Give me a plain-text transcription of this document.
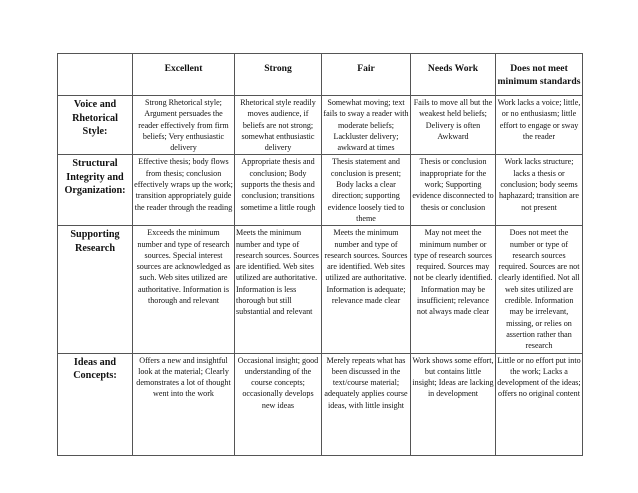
	Excellent	Strong	Fair	Needs Work	Does not meet minimum standards
Voice and Rhetorical Style:	Strong Rhetorical style; Argument persuades the reader effectively from firm beliefs; Very enthusiastic delivery	Rhetorical style readily moves audience, if beliefs are not strong; somewhat enthusiastic delivery	Somewhat moving; text fails to sway a reader with moderate beliefs; Lackluster delivery; awkward at times	Fails to move all but the weakest held beliefs; Delivery is often Awkward	Work lacks a voice; little, or no enthusiasm; little effort to engage or sway the reader
Structural Integrity and Organization:	Effective thesis; body flows from thesis; conclusion effectively wraps up the work; transition appropriately guide the reader through the reading	Appropriate thesis and conclusion; Body supports the thesis and conclusion; transitions sometime a little rough	Thesis statement and conclusion is present; Body lacks a clear direction; supporting evidence loosely tied to theme	Thesis or conclusion inappropriate for the work; Supporting evidence disconnected to thesis or conclusion	Work lacks structure; lacks a thesis or conclusion; body seems haphazard; transition are not present
Supporting Research	Exceeds the minimum number and type of research sources. Special interest sources are acknowledged as such. Web sites utilized are authoritative. Information is thorough and relevant	Meets the minimum number and type of research sources. Sources are identified. Web sites utilized are authoritative. Information is less thorough but still substantial and relevant	Meets the minimum number and type of research sources. Sources are identified. Web sites utilized are authoritative. Information is adequate; relevance made clear	May not meet the minimum number or type of research sources required. Sources may not be clearly identified. Information may be insufficient; relevance not always made clear	Does not meet the number or type of research sources required. Sources are not clearly identified. Not all web sites utilized are credible. Information may be irrelevant, missing, or relies on assertion rather than research
Ideas and Concepts:	Offers a new and insightful look at the material; Clearly demonstrates a lot of thought went into the work	Occasional insight; good understanding of the course concepts; occasionally develops new ideas	Merely repeats what has been discussed in the text/course material; adequately applies course ideas, with little insight	Work shows some effort, but contains little insight; Ideas are lacking in development	Little or no effort put into the work; Lacks a development of the ideas; offers no original content
